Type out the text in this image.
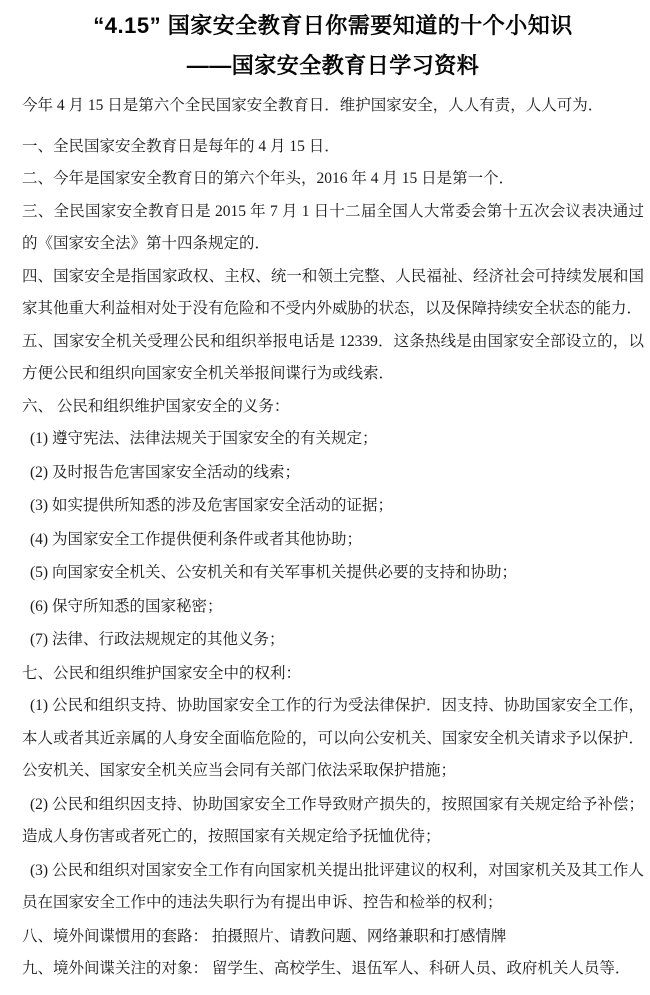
“4.15” 国家安全教育日你需要知道的十个小知识

——国家安全教育日学习资料

今年 4 月 15 日是第六个全民国家安全教育日．维护国家安全，人人有责，人人可为．

一、全民国家安全教育日是每年的 4 月 15 日．

二、今年是国家安全教育日的第六个年头，2016 年 4 月 15 日是第一个．

三、全民国家安全教育日是 2015 年 7 月 1 日十二届全国人大常委会第十五次会议表决通过的《国家安全法》第十四条规定的．

四、国家安全是指国家政权、主权、统一和领土完整、人民福祉、经济社会可持续发展和国家其他重大利益相对处于没有危险和不受内外威胁的状态，以及保障持续安全状态的能力．

五、国家安全机关受理公民和组织举报电话是 12339．这条热线是由国家安全部设立的，以方便公民和组织向国家安全机关举报间谍行为或线索．

六、 公民和组织维护国家安全的义务：

(1) 遵守宪法、法律法规关于国家安全的有关规定；

(2) 及时报告危害国家安全活动的线索；

(3) 如实提供所知悉的涉及危害国家安全活动的证据；

(4) 为国家安全工作提供便利条件或者其他协助；

(5) 向国家安全机关、公安机关和有关军事机关提供必要的支持和协助；

(6) 保守所知悉的国家秘密；

(7) 法律、行政法规规定的其他义务；

七、公民和组织维护国家安全中的权利：

(1) 公民和组织支持、协助国家安全工作的行为受法律保护．因支持、协助国家安全工作，本人或者其近亲属的人身安全面临危险的，可以向公安机关、国家安全机关请求予以保护．公安机关、国家安全机关应当会同有关部门依法采取保护措施；

(2) 公民和组织因支持、协助国家安全工作导致财产损失的，按照国家有关规定给予补偿；造成人身伤害或者死亡的，按照国家有关规定给予抚恤优待；

(3) 公民和组织对国家安全工作有向国家机关提出批评建议的权利，对国家机关及其工作人员在国家安全工作中的违法失职行为有提出申诉、控告和检举的权利；

八、境外间谍惯用的套路： 拍摄照片、请教问题、网络兼职和打感情牌

九、境外间谍关注的对象： 留学生、高校学生、退伍军人、科研人员、政府机关人员等．
